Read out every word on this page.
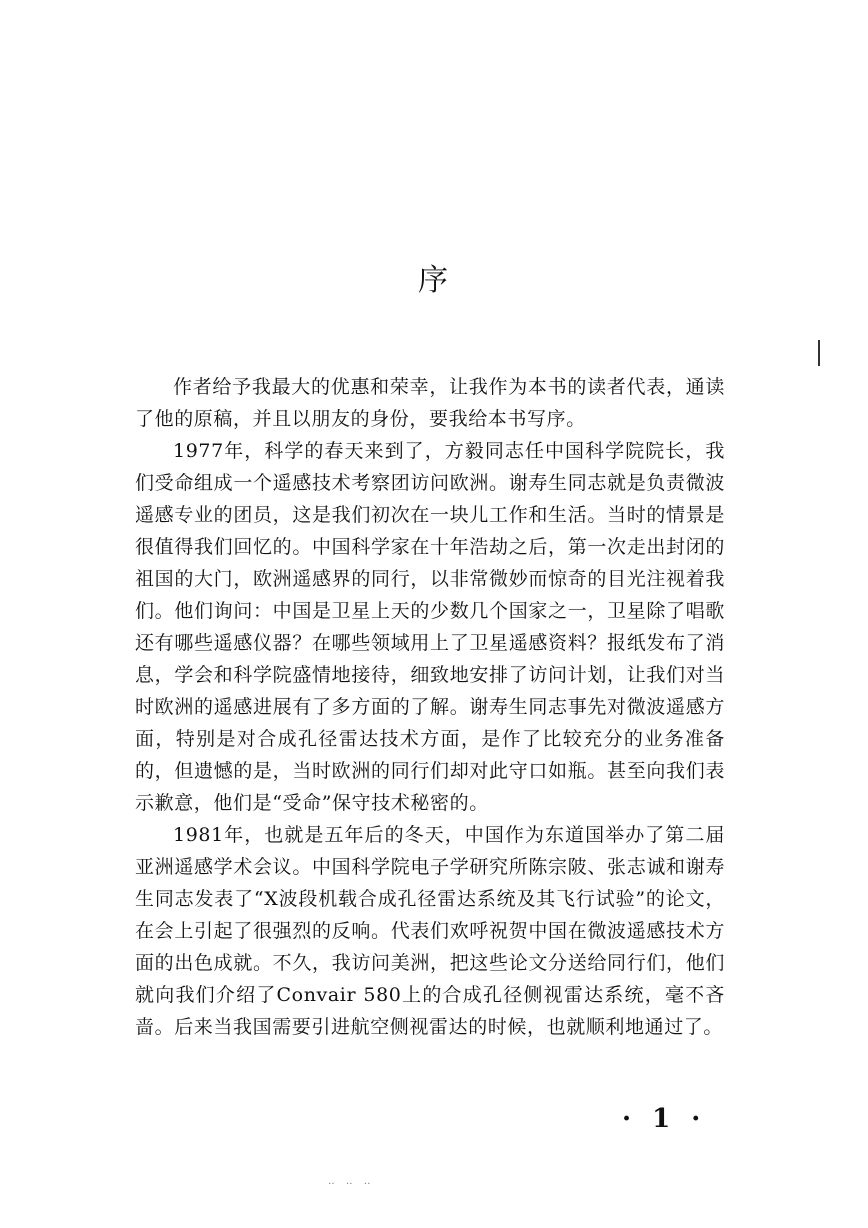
序

作者给予我最大的优惠和荣幸，让我作为本书的读者代表，通读了他的原稿，并且以朋友的身份，要我给本书写序。

1977年，科学的春天来到了，方毅同志任中国科学院院长，我们受命组成一个遥感技术考察团访问欧洲。谢寿生同志就是负责微波遥感专业的团员，这是我们初次在一块儿工作和生活。当时的情景是很值得我们回忆的。中国科学家在十年浩劫之后，第一次走出封闭的祖国的大门，欧洲遥感界的同行，以非常微妙而惊奇的目光注视着我们。他们询问：中国是卫星上天的少数几个国家之一，卫星除了唱歌还有哪些遥感仪器？在哪些领域用上了卫星遥感资料？报纸发布了消息，学会和科学院盛情地接待，细致地安排了访问计划，让我们对当时欧洲的遥感进展有了多方面的了解。谢寿生同志事先对微波遥感方面，特别是对合成孔径雷达技术方面，是作了比较充分的业务准备的，但遗憾的是，当时欧洲的同行们却对此守口如瓶。甚至向我们表示歉意，他们是“受命”保守技术秘密的。

1981年，也就是五年后的冬天，中国作为东道国举办了第二届亚洲遥感学术会议。中国科学院电子学研究所陈宗陂、张志诚和谢寿生同志发表了“X波段机载合成孔径雷达系统及其飞行试验”的论文，在会上引起了很强烈的反响。代表们欢呼祝贺中国在微波遥感技术方面的出色成就。不久，我访问美洲，把这些论文分送给同行们，他们就向我们介绍了Convair 580上的合成孔径侧视雷达系统，毫不吝啬。后来当我国需要引进航空侧视雷达的时候，也就顺利地通过了。

· 1 ·
‥ ‥ ‥
